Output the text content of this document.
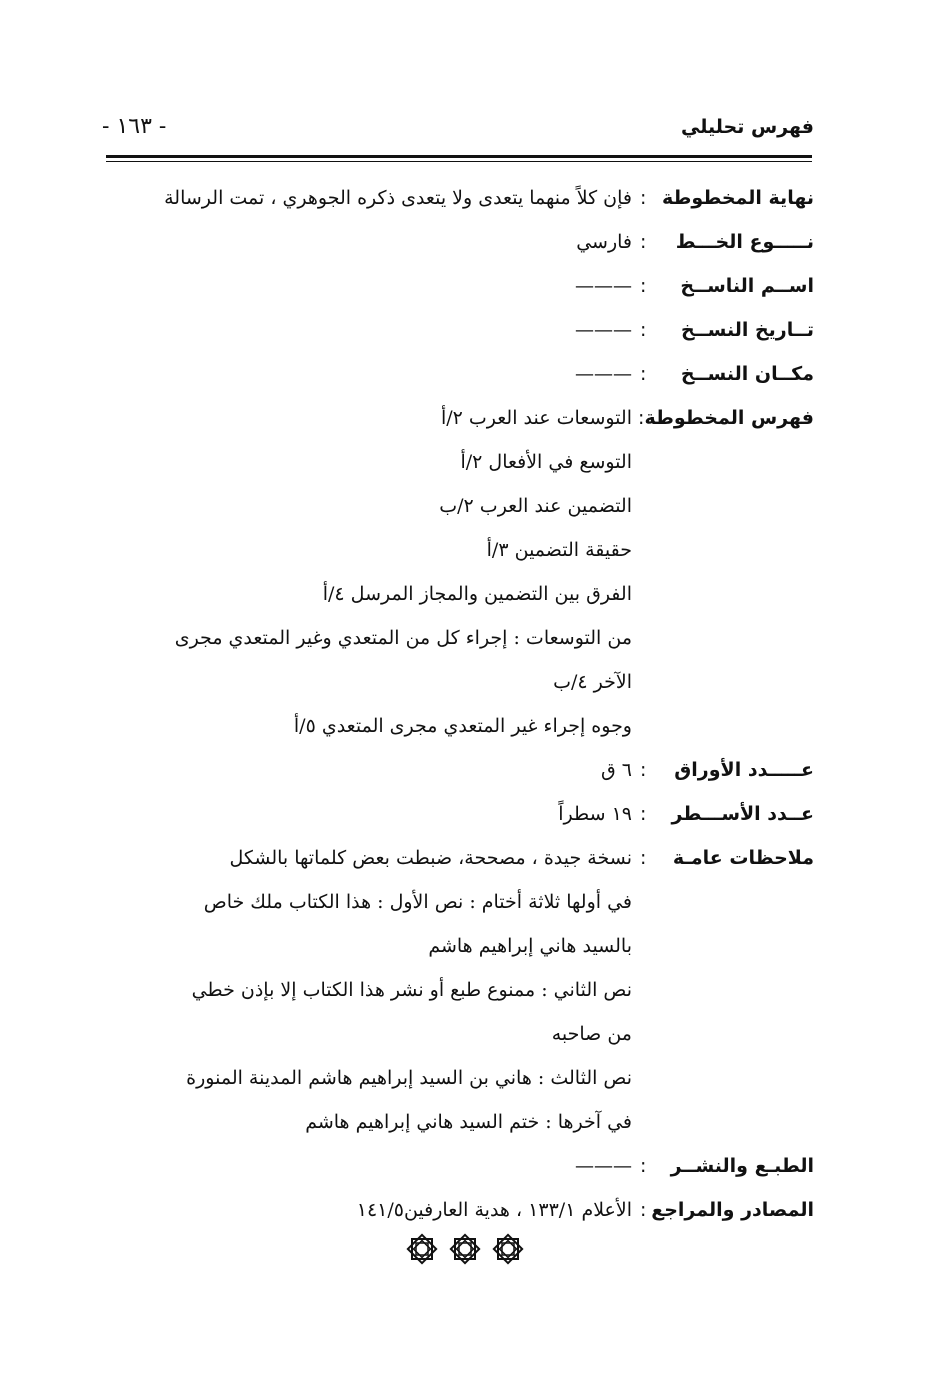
فهرس تحليلي
- ١٦٣ -
نهاية المخطوطة
:
فإن كلاً منهما يتعدى ولا يتعدى ذكره الجوهري ، تمت الرسالة
نـــــوع الخـــط
:
فارسي
اســم الناســخ
:
———
تــاريخ النســخ
:
———
مكــان النســخ
:
———
فهرس المخطوطة
:
التوسعات عند العرب ٢/أ
التوسع في الأفعال ٢/أ
التضمين عند العرب ٢/ب
حقيقة التضمين ٣/أ
الفرق بين التضمين والمجاز المرسل ٤/أ
من التوسعات : إجراء كل من المتعدي وغير المتعدي مجرى
الآخر ٤/ب
وجوه إجراء غير المتعدي مجرى المتعدي ٥/أ
عـــــدد الأوراق
:
٦ ق
عــدد الأســـطر
:
١٩ سطراً
ملاحظات عامـة
:
نسخة جيدة ، مصححة، ضبطت بعض كلماتها بالشكل
في أولها ثلاثة أختام : نص الأول : هذا الكتاب ملك خاص
بالسيد هاني إبراهيم هاشم
نص الثاني : ممنوع طبع أو نشر هذا الكتاب إلا بإذن خطي
من صاحبه
نص الثالث : هاني بن السيد إبراهيم هاشم المدينة المنورة
في آخرها : ختم السيد هاني إبراهيم هاشم
الطبـع والنشــر
:
———
المصادر والمراجع
:
الأعلام ١٣٣/١ ، هدية العارفين١٤١/٥
